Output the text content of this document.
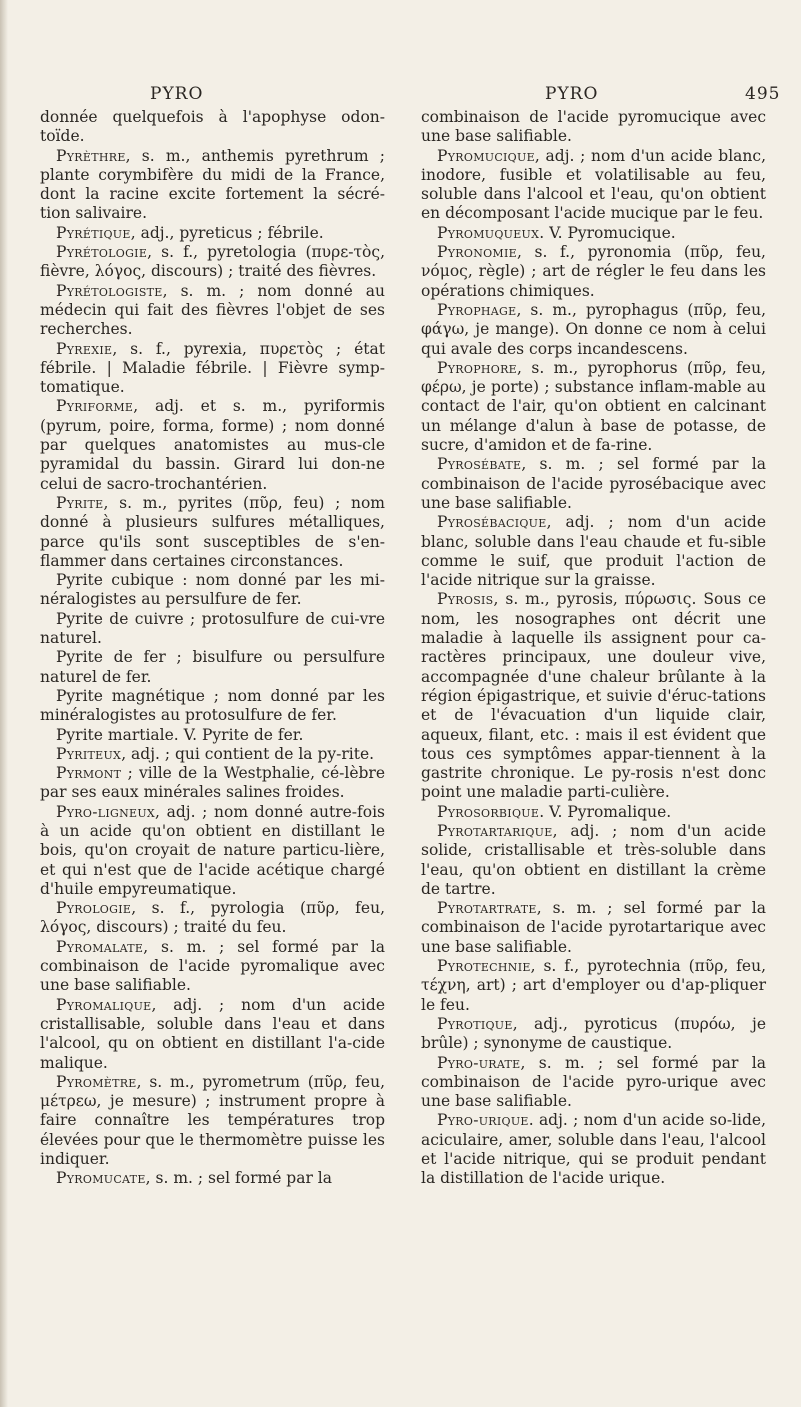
PYRO	PYRO	495

donnée quelquefois à l'apophyse odon-toïde.

Pyrèthre, s. m., anthemis pyrethrum ; plante corymbifère du midi de la France, dont la racine excite fortement la sécré-tion salivaire.

Pyrétique, adj., pyreticus ; fébrile.

Pyrétologie, s. f., pyretologia (πυρε-τὸς, fièvre, λόγος, discours) ; traité des fièvres.

Pyrétologiste, s. m. ; nom donné au médecin qui fait des fièvres l'objet de ses recherches.

Pyrexie, s. f., pyrexia, πυρετὸς ; état fébrile. | Maladie fébrile. | Fièvre symp-tomatique.

Pyriforme, adj. et s. m., pyriformis (pyrum, poire, forma, forme) ; nom donné par quelques anatomistes au mus-cle pyramidal du bassin. Girard lui don-ne celui de sacro-trochantérien.

Pyrite, s. m., pyrites (πῦρ, feu) ; nom donné à plusieurs sulfures métalliques, parce qu'ils sont susceptibles de s'en-flammer dans certaines circonstances.

Pyrite cubique : nom donné par les mi-néralogistes au persulfure de fer.

Pyrite de cuivre ; protosulfure de cui-vre naturel.

Pyrite de fer ; bisulfure ou persulfure naturel de fer.

Pyrite magnétique ; nom donné par les minéralogistes au protosulfure de fer.

Pyrite martiale. V. Pyrite de fer.

Pyriteux, adj. ; qui contient de la py-rite.

Pyrmont ; ville de la Westphalie, cé-lèbre par ses eaux minérales salines froides.

Pyro-ligneux, adj. ; nom donné autre-fois à un acide qu'on obtient en distillant le bois, qu'on croyait de nature particu-lière, et qui n'est que de l'acide acétique chargé d'huile empyreumatique.

Pyrologie, s. f., pyrologia (πῦρ, feu, λόγος, discours) ; traité du feu.

Pyromalate, s. m. ; sel formé par la combinaison de l'acide pyromalique avec une base salifiable.

Pyromalique, adj. ; nom d'un acide cristallisable, soluble dans l'eau et dans l'alcool, qu on obtient en distillant l'a-cide malique.

Pyromètre, s. m., pyrometrum (πῦρ, feu, μέτρεω, je mesure) ; instrument propre à faire connaître les températures trop élevées pour que le thermomètre puisse les indiquer.

Pyromucate, s. m. ; sel formé par la

combinaison de l'acide pyromucique avec une base salifiable.

Pyromucique, adj. ; nom d'un acide blanc, inodore, fusible et volatilisable au feu, soluble dans l'alcool et l'eau, qu'on obtient en décomposant l'acide mucique par le feu.

Pyromuqueux. V. Pyromucique.

Pyronomie, s. f., pyronomia (πῦρ, feu, νόμος, règle) ; art de régler le feu dans les opérations chimiques.

Pyrophage, s. m., pyrophagus (πῦρ, feu, φάγω, je mange). On donne ce nom à celui qui avale des corps incandescens.

Pyrophore, s. m., pyrophorus (πῦρ, feu, φέρω, je porte) ; substance inflam-mable au contact de l'air, qu'on obtient en calcinant un mélange d'alun à base de potasse, de sucre, d'amidon et de fa-rine.

Pyrosébate, s. m. ; sel formé par la combinaison de l'acide pyrosébacique avec une base salifiable.

Pyrosébacique, adj. ; nom d'un acide blanc, soluble dans l'eau chaude et fu-sible comme le suif, que produit l'action de l'acide nitrique sur la graisse.

Pyrosis, s. m., pyrosis, πύρωσις. Sous ce nom, les nosographes ont décrit une maladie à laquelle ils assignent pour ca-ractères principaux, une douleur vive, accompagnée d'une chaleur brûlante à la région épigastrique, et suivie d'éruc-tations et de l'évacuation d'un liquide clair, aqueux, filant, etc. : mais il est évident que tous ces symptômes appar-tiennent à la gastrite chronique. Le py-rosis n'est donc point une maladie parti-culière.

Pyrosorbique. V. Pyromalique.

Pyrotartarique, adj. ; nom d'un acide solide, cristallisable et très-soluble dans l'eau, qu'on obtient en distillant la crème de tartre.

Pyrotartrate, s. m. ; sel formé par la combinaison de l'acide pyrotartarique avec une base salifiable.

Pyrotechnie, s. f., pyrotechnia (πῦρ, feu, τέχνη, art) ; art d'employer ou d'ap-pliquer le feu.

Pyrotique, adj., pyroticus (πυρόω, je brûle) ; synonyme de caustique.

Pyro-urate, s. m. ; sel formé par la combinaison de l'acide pyro-urique avec une base salifiable.

Pyro-urique. adj. ; nom d'un acide so-lide, aciculaire, amer, soluble dans l'eau, l'alcool et l'acide nitrique, qui se produit pendant la distillation de l'acide urique.
